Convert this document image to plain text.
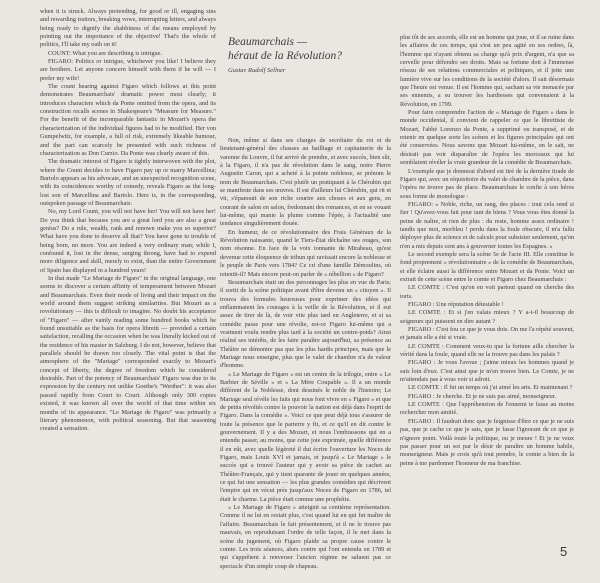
when it is struck. Always pretending, for good or ill, engaging sins and rewarding traitors, breaking vows, interrupting letters, and always being ready to dignify the shabbiness of the means employed by pointing out the importance of the objective! That's the whole of politics, I'll take my oath on it!

COUNT: What you are describing is intrigue.

FIGARO: Politics or intrigue, whichever you like! I believe they are brothers. Let anyone concern himself with them if he will — I prefer my wife!

The count hearing against Figaro which follows at this point demonstrates Beaumarchais' dramatic power most clearly; it introduces characters which da Ponte omitted from the opera, and its construction recalls scenes in Shakespeare's "Measure for Measure." For the benefit of the incomparable fantastic in Mozart's opera the characterization of the individual figures had to be modified. Her von Gumpelwitz, for example, a full of risk, extremely likeable humour, and the part can scarcely be presented with such richness of characterization as Don Curzio. Da Ponte was clearly aware of this.

The dramatic interest of Figaro is tightly interwoven with the plot, where the Count decides to have Figaro pay up or marry Marcellina; Bartolo appears as his advocate, and an unexpected recognition scene, with its coincidences worthy of comedy, reveals Figaro as the long-lost son of Marcellina and Bartolo. Here is, in the corresponding, outspoken passage of Beaumarchais:

No, my Lord Count, you will not have her! You will not have her! Do you think that because you are a great lord you are also a great genius? Do a rule, wealth, rank and renown make you so superior? What have you done to deserve all that? You have gone to trouble of being born, no more. You are indeed a very ordinary man; while I, confound it, lost in the dense, surging throng, have had to expend more diligence and skill, merely to exist, than the entire Government of Spain has displayed in a hundred years!

In that made "Le Mariage de Figaro" in the original language, one seems to discover a certain affinity of temperament between Mozart and Beaumarchais. Even their mode of living and their impact on the world around them suggest striking similarities. But Mozart as a revolutionary — this is difficult to imagine. No doubt his acceptance of "Figaro" — after vainly reading some hundred books which he found unsuitable as the basis for opera libretti — provided a certain satisfaction, recalling the occasion when he was literally kicked out of the residence of his master in Salzburg. I do not, however, believe that parallels should be drawn too closely. The vital point is that the atmosphere of the "Mariage" corresponded exactly to Mozart's concept of liberty, the degree of freedom which he considered desirable. Part of the potency of Beaumarchais' Figaro was due to its expression by the century not unlike Goethe's "Werther": it was also passed rapidly from Court to Court. Although only 300 copies existed, it was known all over the world of that time within six months of its appearance. "Le Mariage de Figaro" was primarily a literary phenomenon, with political seasoning. But that seasoning created a sensation.

Beaumarchais —
héraut de la Révolution?

Gustav Rudolf Sellner

Non, même si dans ses charges de secrétaire du roi et de lieutenant-général des chasses au bailliage et capitainerie de la varenne du Louvre, il fut arrivé de prendre, et avec succès, bien sûr, à la Figaro, il n'a pas de révolution dans le sang, notre Pierre Augustin Caron, qui a acheté à la pointe noblesse, se prénom le nom de Beaumarchais. C'est plutôt un pratiquant à la Chérubin qui se manifeste dans ses œuvres. Il est d'ailleurs lui Chérubin, qui rit et vit, s'épanouit de son riche sourire aux choses et aux gens, en courant de salon en salon, fredonnant des romances, et en se vouant lui-même, qui manie la plume comme l'épée, à l'actualité une tendance singulièrement douée.

En humeur, de ce révolutionnaire des Frais Généraux de la Révolution naissante, quand le Tiers-État déchaîne ses orages, son nom résonne. En face de la voix tonnante de Mirabeau, qu'est devenue cette éloquence de tribun qui ravissait encore la noblesse et le peuple de Paris vers 1784? Ce cri d'une famille Démoulins, où retentit-il? Mais encore peut-on parler de « rébellion » de Figaro?

Beaumarchais était un des personnages les plus en vue de Paris; il sortit de la scène politique avant d'être devenu un « citoyen ». Il trouva des formules heureuses pour exprimer des idées qui enflammaient les courages à la veille de la Révolution, et il eut assez de tirer de là, de voir vite plus tard en Angleterre, et si sa comédie passe pour une révolte, est-ce Figaro lui-même qui a vraiment voulu rendre plus tard à la société un contre-poids? Ainsi réalisé ses intérêts, de les faire paraître aujourd'hui, sa présence au Théâtre ne démontre pas que les plus hardis principes, mais que le Mariage nous enseigne, plus que le valet de chambre n'a de valeur d'homme.

« Le Mariage de Figaro » est un centre de la trilogie, entre « Le Barbier de Séville » et « La Mère Coupable ». Il a un monde différent de la Noblesse, dont dessinés le noble de l'histoire; Le Mariage seul révèle les faits qui nous font vivre en « Figaro » et que de petits révoltés contre le pouvoir la nation est déjà dans l'esprit de Figaro. Dans la comédie ». Voici ce que peut déjà tous s'assurer de toute la présence que le parterre y fit, et ce qu'il en dit contre le gouvernement. Il y a des Mozart, et nous l'embrassons qui en a entendu passer, au moins, que cette joie exprimée, quelle différence il en eût, avec quelle légèreté il dut écrire l'ouverture les Noces de Figaro, mais Louis XVI et jamais, et jusqu'à « Le Mariage » le succès qui a trouvé l'auteur qui y avoir sa pièce de cachet au Théâtre-Français, qui y tient quarante de jouer en quelques années, ce qui fut une sensation — les plus grandes comédies qui décrivent l'empire qui en vécut près jusqu'aux Noces de Figaro en 1786, tel était le charme. La pièce était comme une prophétie.

« Le Mariage de Figaro » atteignit sa centième représentation. Comme il ne lui en restait plus, c'est quand lui en qui fut maître de l'affaire. Beaumarchais le fait présentement, et il ne le trouve pas mauvais, en reproduisant l'ordre de telle façon, il le met dans la scène du jugement, où Figaro plaide sa propre cause contre le comte. Les trois séances, alors contre qui l'ont entendu en 1789 et qui s'apprêtent à renverser l'ancien régime ne saluent pas ce spectacle d'un simple coup de chapeau.

plus tôt de ses accords, elle est un homme qui joue, et il se ruine dans les affaires de ces temps, qui s'est un peu agité en ses ordres, là, l'homme qui n'ayant obtenu sa charge qu'à prix d'argent, n'a que sa cervelle pour défendre ses droits. Mais sa fortune doit à l'immense réseau de ses relations commerciales et politiques, et il jette une lumière vive sur les conditions de la société d'alors. Il sait désormais que l'heure est venue. Il est l'homme qui, sachant sa vie menacée par ses ennemis, a su trouver les hardiesses qui convenaient à la Révolution, en 1799.

Pour faire comprendre l'action de « Mariage de Figaro » dans le monde occidental, il convient de rappeler ce que le librettiste de Mozart, l'abbé Lorenzo da Ponte, a supprimé ou transposé, et de retenir en quelque sorte les scènes et les figures principales qui ont été conservées. Nous savons que Mozart lui-même, on le sait, ne désirait pas voir disparaître de l'opéra les morceaux qui lui semblaient révéler la vraie grandeur de la comédie de Beaumarchais.

L'exemple que je donnerai d'abord est tiré de la dernière tirade de Figaro qui, avec un réquisitoire du valet de chambre de la pièce, dans l'opéra ne trouve pas de place. Beaumarchais le confie à son héros sous forme de monologue :

FIGARO: « Noble, riche, un rang, des places : tout cela rend si fier ! Qu'avez-vous fait pour tant de biens ? Vous vous êtes donné la peine de naître, et rien de plus : du reste, homme assez ordinaire ! tandis que moi, morbleu ! perdu dans la foule obscure, il m'a fallu déployer plus de science et de calculs pour subsister seulement, qu'on n'en a mis depuis cent ans à gouverner toutes les Espagnes. »

Le second exemple sera la scène 5e de l'acte III. Elle constitue le fond proprement « révolutionnaire » de la comédie de Beaumarchais, et elle éclaire aussi la différence entre Mozart et da Ponte. Voici un extrait de cette scène entre le comte et Figaro chez Beaumarchais :

LE COMTE : C'est qu'on en voit partout quand on cherche des torts.

FIGARO : Une réputation détestable !

LE COMTE : Et si j'en valais mieux ? Y a-t-il beaucoup de seigneurs qui puissent en dire autant ?

FIGARO : C'est fou ce que je vous dois. On me l'a répété souvent, et jamais elle a été si vraie.

LE COMTE : Comment veux-tu que la fortune aille chercher la vérité dans la foule, quand elle ne la trouve pas dans les palais ?

FIGARO : Je vous l'avoue ; j'aime mieux les hommes quand je suis loin d'eux. C'est ainsi que je m'en trouve bien. Le Comte, je ne m'attendais pas à vous voir si adroit.

LE COMTE : Il fut un temps où j'ai aimé les arts. Et maintenant ?

FIGARO : Je cherche. Et je ne suis pas aimé, monseigneur.

LE COMTE : Que l'appréhension de l'ennemi te fasse au moins rechercher mon amitié.

FIGARO : Il faudrait donc que je feignisse d'être ce que je ne suis pas, que je cache ce que je sais, que je fasse l'ignorant de ce que je n'ignore point. Voilà toute la politique, ou je meure ! Et je ne veux pas passer pour un sot par le désir de paraître un homme habile, monseigneur. Mais je crois qu'à tout prendre, le comte a bien de la peine à me pardonner l'honneur de ma franchise.

5
